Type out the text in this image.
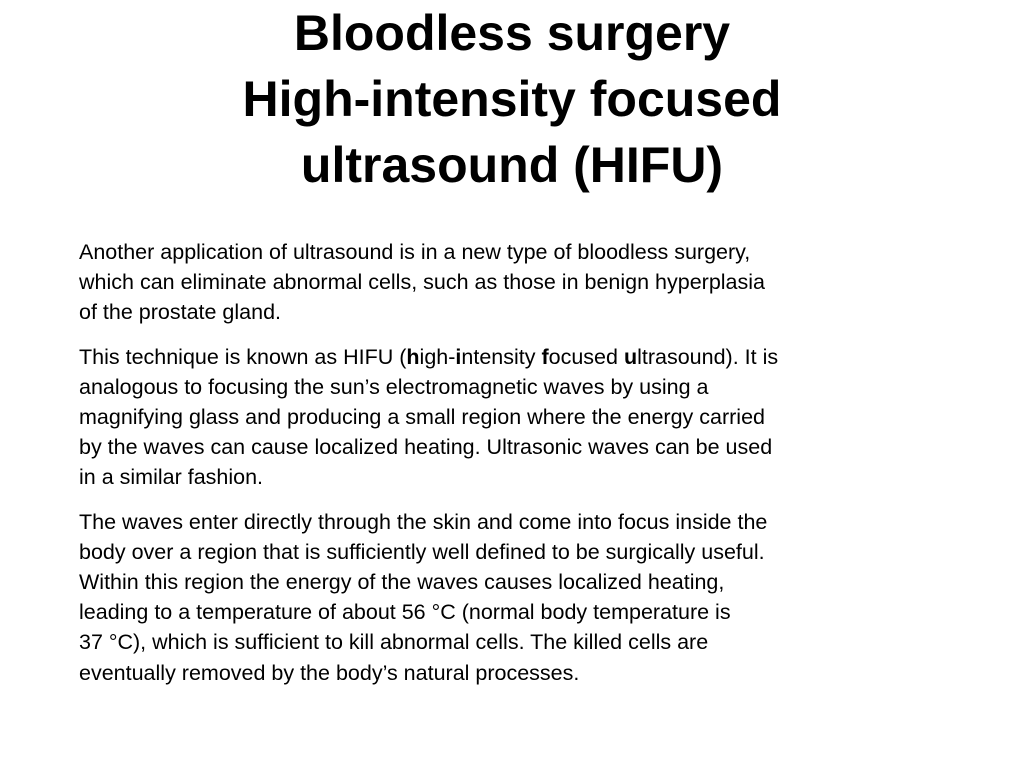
Bloodless surgery
High-intensity focused
ultrasound (HIFU)

Another application of ultrasound is in a new type of bloodless surgery,
which can eliminate abnormal cells, such as those in benign hyperplasia
of the prostate gland.

This technique is known as HIFU (high-intensity focused ultrasound). It is
analogous to focusing the sun’s electromagnetic waves by using a
magnifying glass and producing a small region where the energy carried
by the waves can cause localized heating. Ultrasonic waves can be used
in a similar fashion.

The waves enter directly through the skin and come into focus inside the
body over a region that is sufficiently well defined to be surgically useful.
Within this region the energy of the waves causes localized heating,
leading to a temperature of about 56 °C (normal body temperature is
37 °C), which is sufficient to kill abnormal cells. The killed cells are
eventually removed by the body’s natural processes.
